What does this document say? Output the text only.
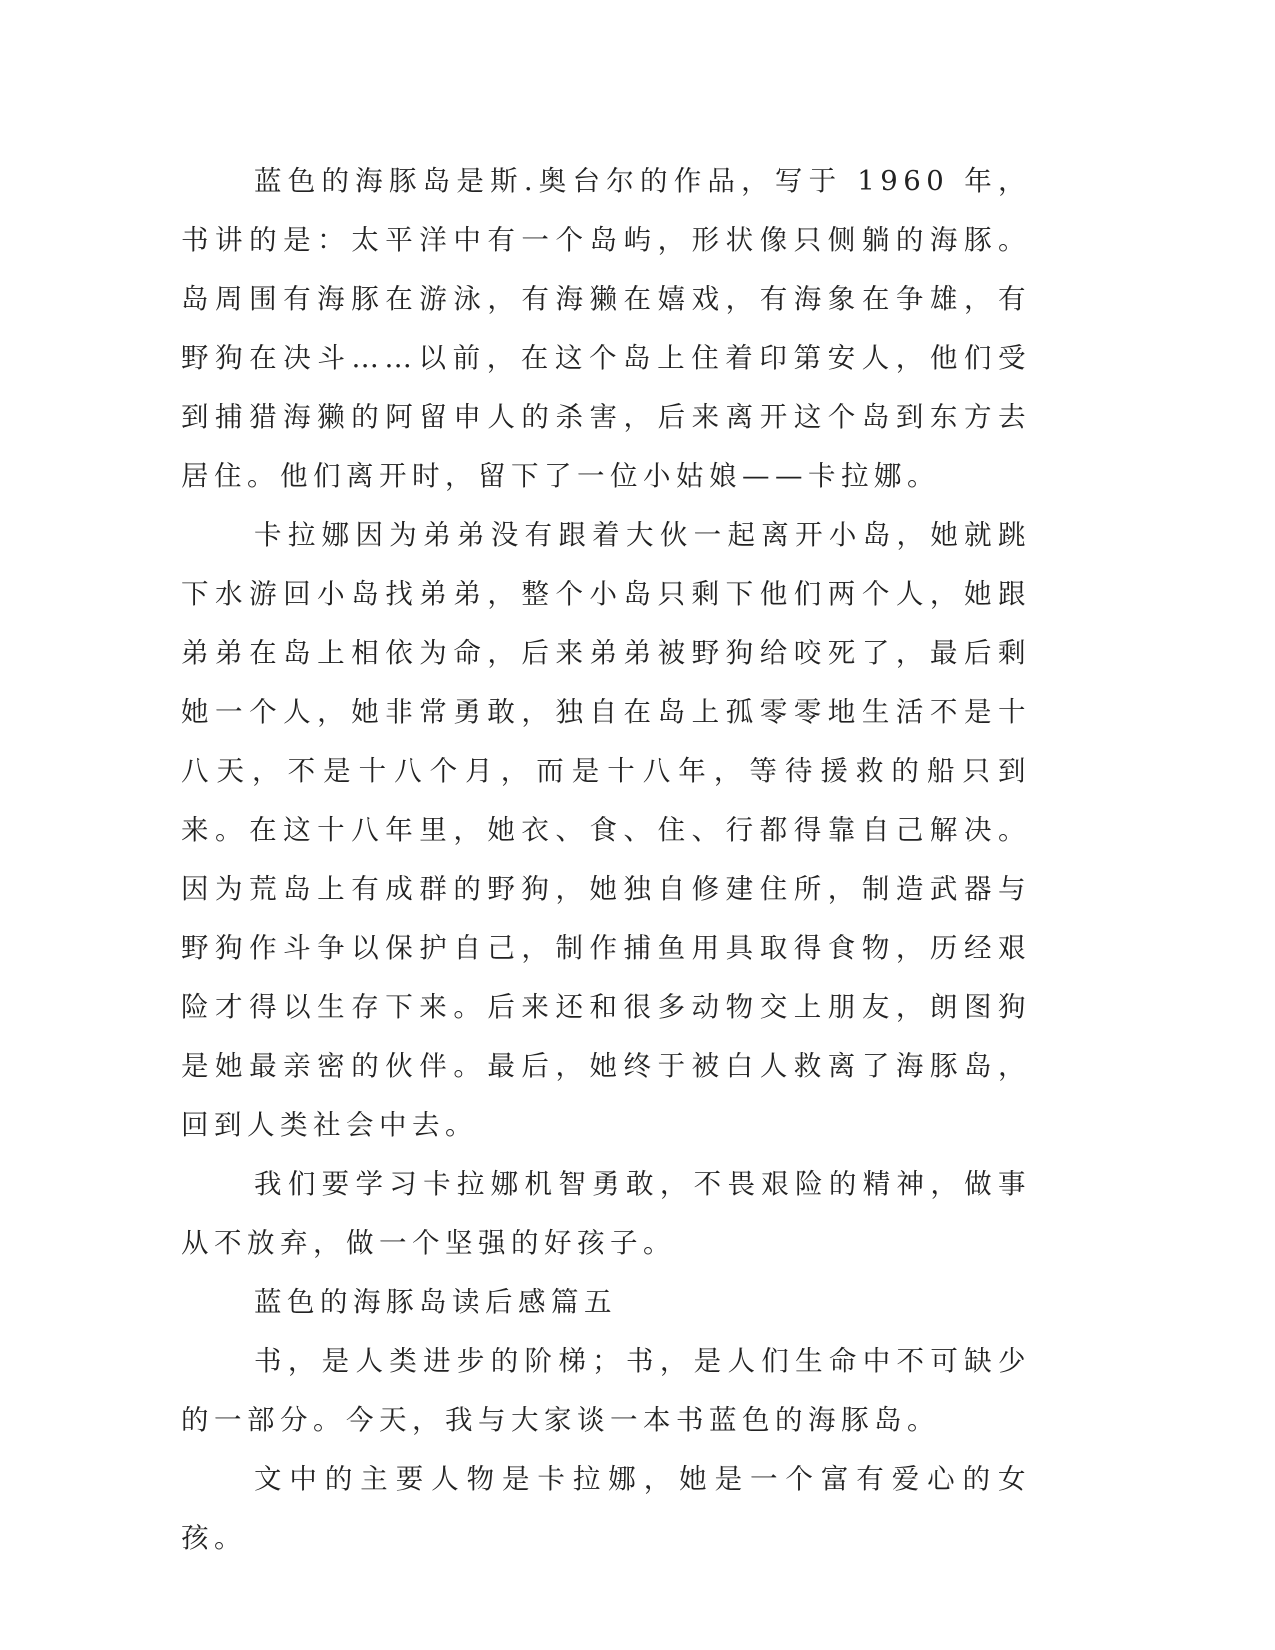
蓝色的海豚岛是斯.奥台尔的作品，写于 1960 年，书讲的是：太平洋中有一个岛屿，形状像只侧躺的海豚。岛周围有海豚在游泳，有海獭在嬉戏，有海象在争雄，有野狗在决斗……以前，在这个岛上住着印第安人，他们受到捕猎海獭的阿留申人的杀害，后来离开这个岛到东方去居住。他们离开时，留下了一位小姑娘——卡拉娜。

卡拉娜因为弟弟没有跟着大伙一起离开小岛，她就跳下水游回小岛找弟弟，整个小岛只剩下他们两个人，她跟弟弟在岛上相依为命，后来弟弟被野狗给咬死了，最后剩她一个人，她非常勇敢，独自在岛上孤零零地生活不是十八天，不是十八个月，而是十八年，等待援救的船只到来。在这十八年里，她衣、食、住、行都得靠自己解决。因为荒岛上有成群的野狗，她独自修建住所，制造武器与野狗作斗争以保护自己，制作捕鱼用具取得食物，历经艰险才得以生存下来。后来还和很多动物交上朋友，朗图狗是她最亲密的伙伴。最后，她终于被白人救离了海豚岛，回到人类社会中去。

我们要学习卡拉娜机智勇敢，不畏艰险的精神，做事从不放弃，做一个坚强的好孩子。

蓝色的海豚岛读后感篇五

书，是人类进步的阶梯；书，是人们生命中不可缺少的一部分。今天，我与大家谈一本书蓝色的海豚岛。

文中的主要人物是卡拉娜，她是一个富有爱心的女孩。
